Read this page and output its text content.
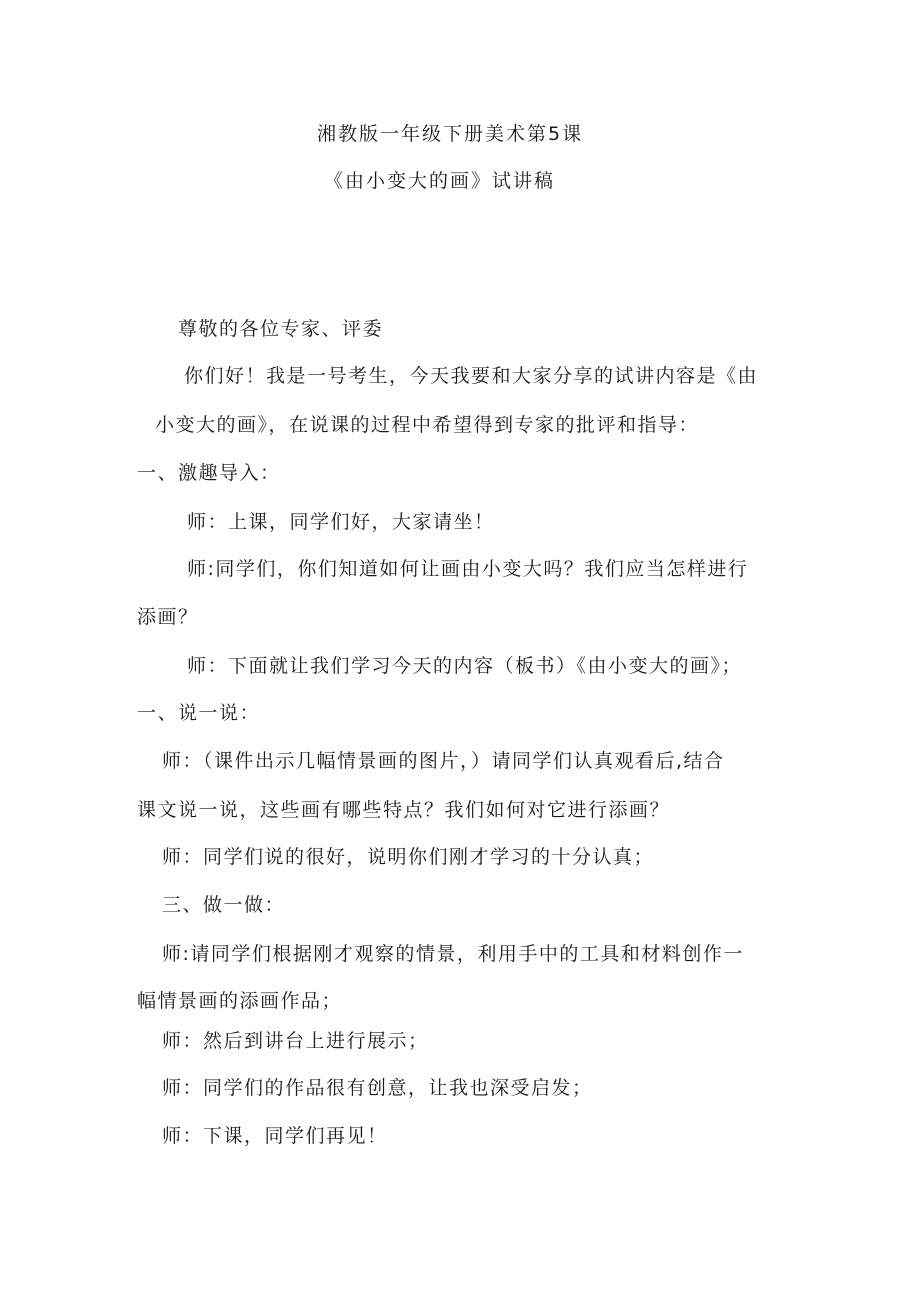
湘教版一年级下册美术第5课
《由小变大的画》试讲稿
尊敬的各位专家、评委
你们好！我是一号考生，今天我要和大家分享的试讲内容是《由
小变大的画》，在说课的过程中希望得到专家的批评和指导：
一、激趣导入：
师：上课，同学们好，大家请坐！
师:同学们，你们知道如何让画由小变大吗？我们应当怎样进行
添画？
师：下面就让我们学习今天的内容（板书）《由小变大的画》；
一、说一说：
师：（课件出示几幅情景画的图片，）请同学们认真观看后,结合
课文说一说，这些画有哪些特点？我们如何对它进行添画？
师：同学们说的很好，说明你们刚才学习的十分认真；
三、做一做：
师:请同学们根据刚才观察的情景，利用手中的工具和材料创作一
幅情景画的添画作品；
师：然后到讲台上进行展示；
师：同学们的作品很有创意，让我也深受启发；
师：下课，同学们再见！
